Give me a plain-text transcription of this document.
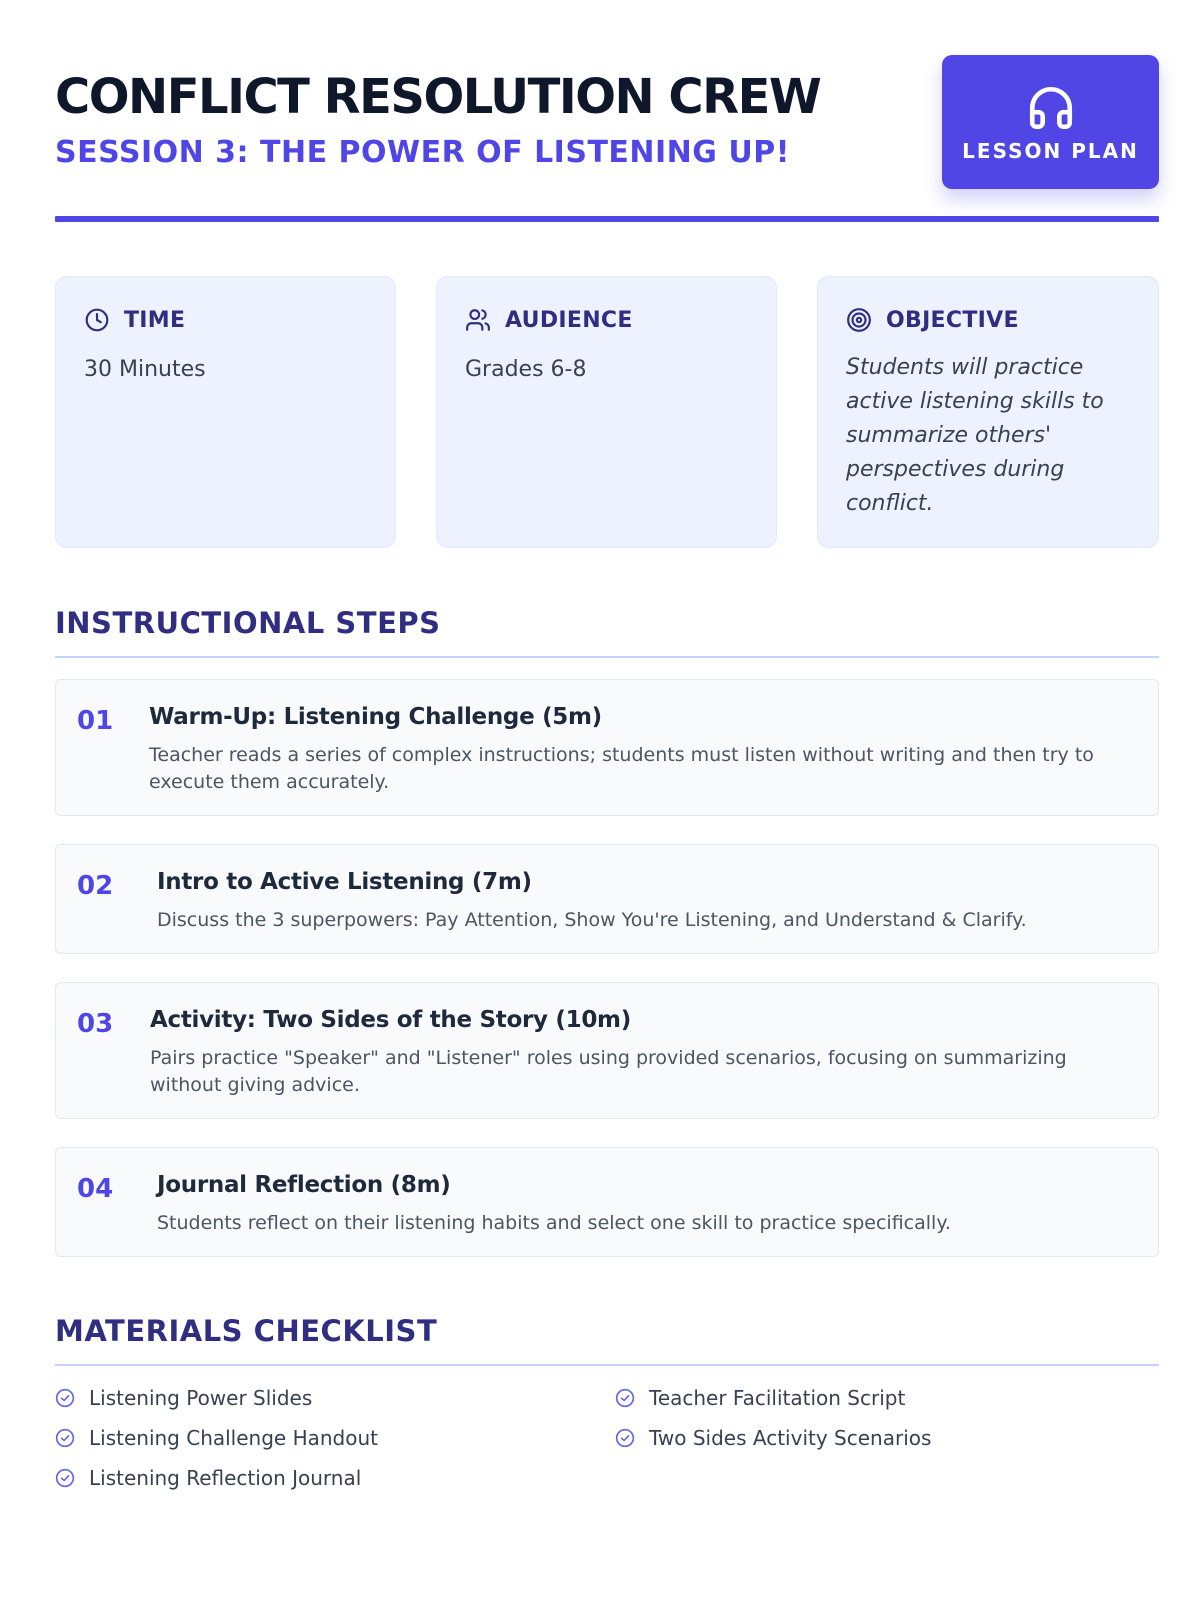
CONFLICT RESOLUTION CREW
SESSION 3: THE POWER OF LISTENING UP!	LESSON PLAN
TIME
30 Minutes
AUDIENCE
Grades 6-8
OBJECTIVE
Students will practice active listening skills to summarize others' perspectives during conflict.
INSTRUCTIONAL STEPS
01 Warm-Up: Listening Challenge (5m)
Teacher reads a series of complex instructions; students must listen without writing and then try to execute them accurately.
02 Intro to Active Listening (7m)
Discuss the 3 superpowers: Pay Attention, Show You're Listening, and Understand & Clarify.
03 Activity: Two Sides of the Story (10m)
Pairs practice "Speaker" and "Listener" roles using provided scenarios, focusing on summarizing without giving advice.
04 Journal Reflection (8m)
Students reflect on their listening habits and select one skill to practice specifically.
MATERIALS CHECKLIST
Listening Power Slides	Teacher Facilitation Script
Listening Challenge Handout	Two Sides Activity Scenarios
Listening Reflection Journal
